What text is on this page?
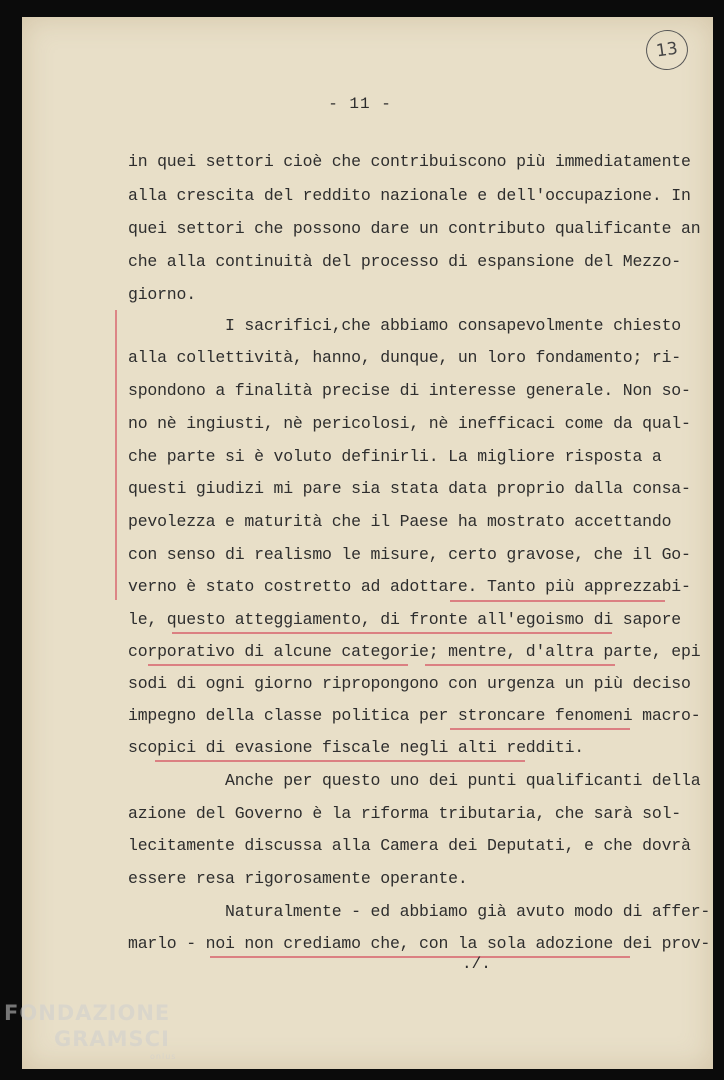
13
- 11 -
in quei settori cioè che contribuiscono più immediatamente
alla crescita del reddito nazionale e dell'occupazione. In
quei settori che possono dare un contributo qualificante an
che alla continuità del processo di espansione del Mezzo-
giorno.
I sacrifici,che abbiamo consapevolmente chiesto
alla collettività, hanno, dunque, un loro fondamento; ri-
spondono a finalità precise di interesse generale. Non so-
no nè ingiusti, nè pericolosi, nè inefficaci come da qual-
che parte si è voluto definirli. La migliore risposta a
questi giudizi mi pare sia stata data proprio dalla consa-
pevolezza e maturità che il Paese ha mostrato accettando
con senso di realismo le misure, certo gravose, che il Go-
verno è stato costretto ad adottare. Tanto più apprezzabi-
le, questo atteggiamento, di fronte all'egoismo di sapore
corporativo di alcune categorie; mentre, d'altra parte, epi
sodi di ogni giorno ripropongono con urgenza un più deciso
impegno della classe politica per stroncare fenomeni macro-
scopici di evasione fiscale negli alti redditi.
Anche per questo uno dei punti qualificanti della
azione del Governo è la riforma tributaria, che sarà sol-
lecitamente discussa alla Camera dei Deputati, e che dovrà
essere resa rigorosamente operante.
Naturalmente - ed abbiamo già avuto modo di affer-
marlo - noi non crediamo che, con la sola adozione dei prov-
./.
FONDAZIONE
GRAMSCI
onlus
